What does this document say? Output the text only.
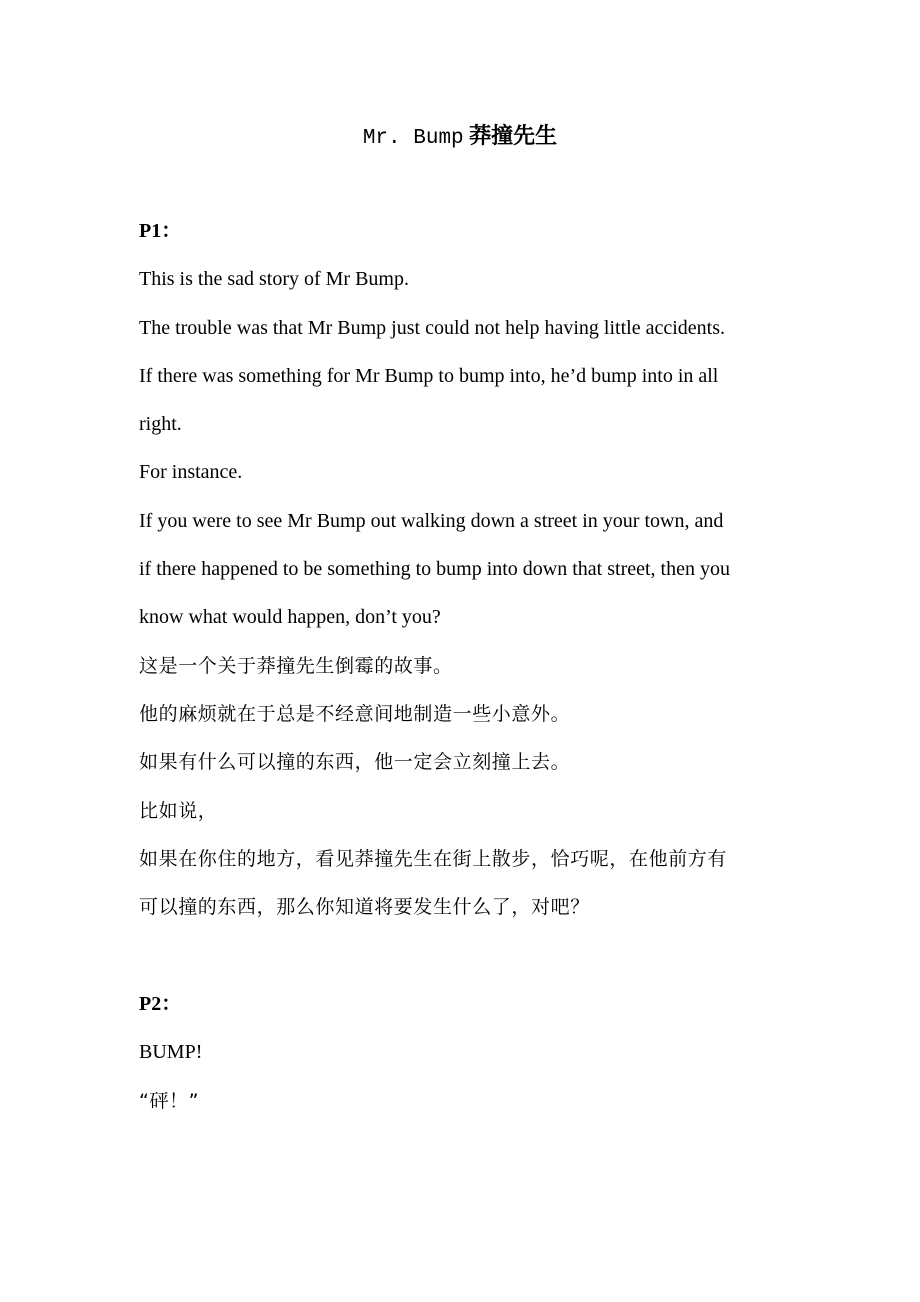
Mr. Bump 莽撞先生
P1：
This is the sad story of Mr Bump.
The trouble was that Mr Bump just could not help having little accidents.
If there was something for Mr Bump to bump into, he’d bump into in all
right.
For instance.
If you were to see Mr Bump out walking down a street in your town, and
if there happened to be something to bump into down that street, then you
know what would happen, don’t you?
这是一个关于莽撞先生倒霉的故事。
他的麻烦就在于总是不经意间地制造一些小意外。
如果有什么可以撞的东西，他一定会立刻撞上去。
比如说，
如果在你住的地方，看见莽撞先生在街上散步，恰巧呢，在他前方有
可以撞的东西，那么你知道将要发生什么了，对吧？
P2：
BUMP!
“砰！”
